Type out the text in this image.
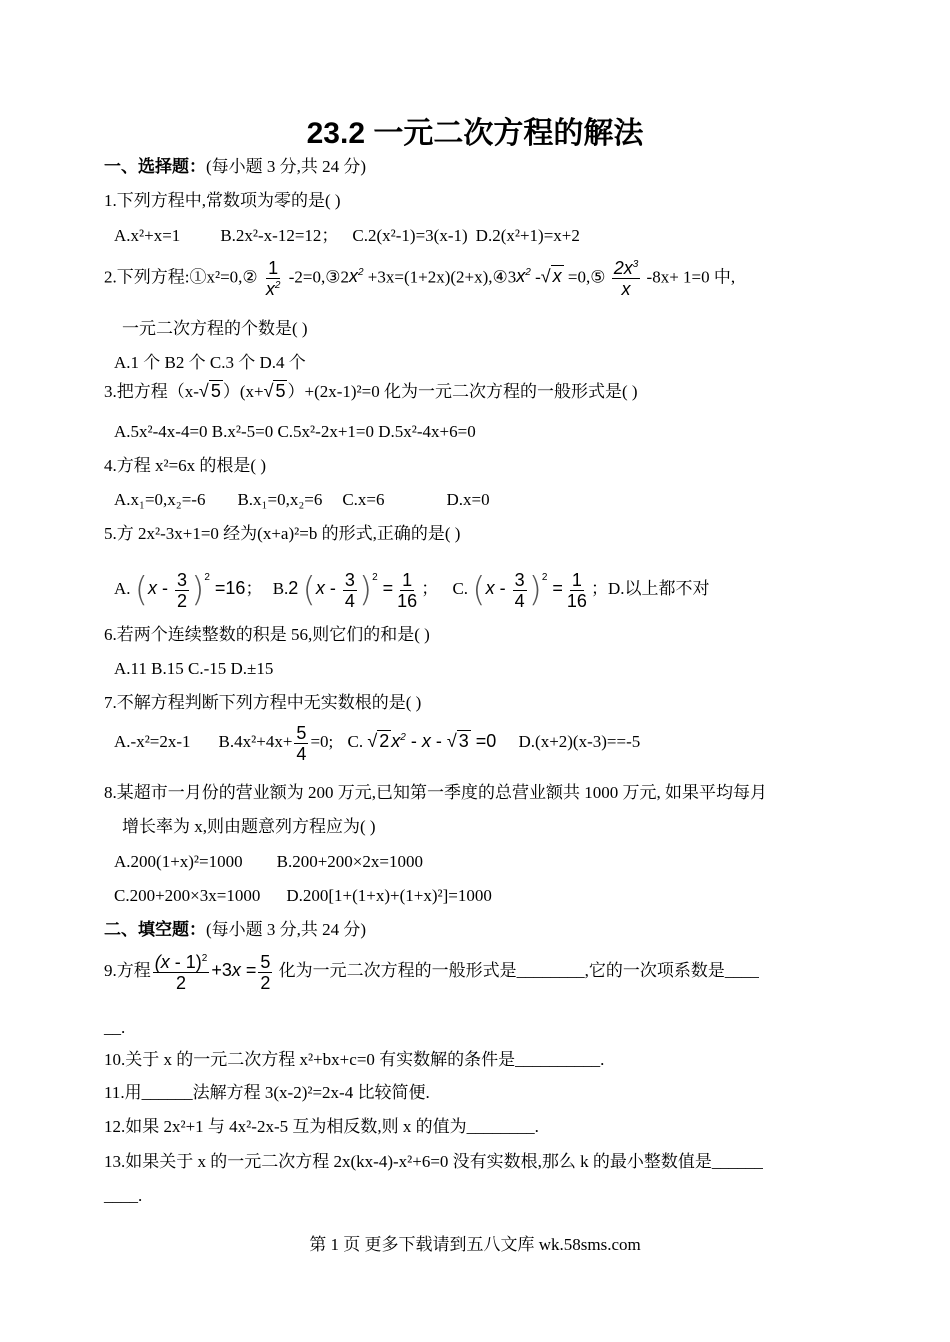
23.2 一元二次方程的解法
一、选择题：(每小题 3 分,共 24 分)
1.下列方程中,常数项为零的是( )
A.x²+x=1 B.2x²-x-12=12； C.2(x²-1)=3(x-1) D.2(x²+1)=x+2
2.下列方程:①x²=0,② $\frac{1}{x^2}$ $-2=0,③2x^2$ $+3x=(1+2x)(2+x),④3x^2$ -√ x =0,⑤ $\frac{2x^3}{x} -8x+ 1=0$ 中,
一元二次方程的个数是( )
A.1 个 B2 个 C.3 个 D.4 个
3.把方程（x-√ 5 ）(x+√ 5 ）+(2x-1)²=0 化为一元二次方程的一般形式是( )
A.5x²-4x-4=0 B.x²-5=0 C.5x²-2x+1=0 D.5x²-4x+6=0
4.方程 x²=6x 的根是( )
A.x₁=0,x₂=-6 B.x₁=0,x₂=6 C.x=6	D.x=0
5.方 2x²-3x+1=0 经为(x+a)²=b 的形式,正确的是( )
A. $(x - \frac{3}{2} )^2 =16$； B.2 $(x - \frac{3}{4} )^2 = \frac{1}{16}$ ； C. $(x - \frac{3}{4} )^2 = \frac{1}{16}$ ；D.以上都不对
6.若两个连续整数的积是 56,则它们的和是( )
A.11 B.15 C.-15 D.±15
7.不解方程判断下列方程中无实数根的是( )
A.-x²=2x-1 $B.4x^2+4x+ \frac{5}{4} =0$; C. √ 2 $x^2$ - x - √ 3 =0 D.(x+2)(x-3)==-5
8.某超市一月份的营业额为 200 万元,已知第一季度的总营业额共 1000 万元, 如果平均每月
增长率为 x,则由题意列方程应为( )
A.200(1+x)²=1000 B.200+200×2x=1000
C.200+200×3x=1000 D.200[1+(1+x)+(1+x)²]=1000
二、填空题：(每小题 3 分,共 24 分)
9.方程 $\frac{(x - 1)^2}{2} +3x = \frac{5}{2}$ 化为一元二次方程的一般形式是________,它的一次项系数是____
__.
10.关于 x 的一元二次方程 x²+bx+c=0 有实数解的条件是__________.
11.用______法解方程 3(x-2)²=2x-4 比较简便.
12.如果 2x²+1 与 4x²-2x-5 互为相反数,则 x 的值为________.
13.如果关于 x 的一元二次方程 2x(kx-4)-x²+6=0 没有实数根,那么 k 的最小整数值是______
____.
第 1 页 更多下载请到五八文库 wk.58sms.com
